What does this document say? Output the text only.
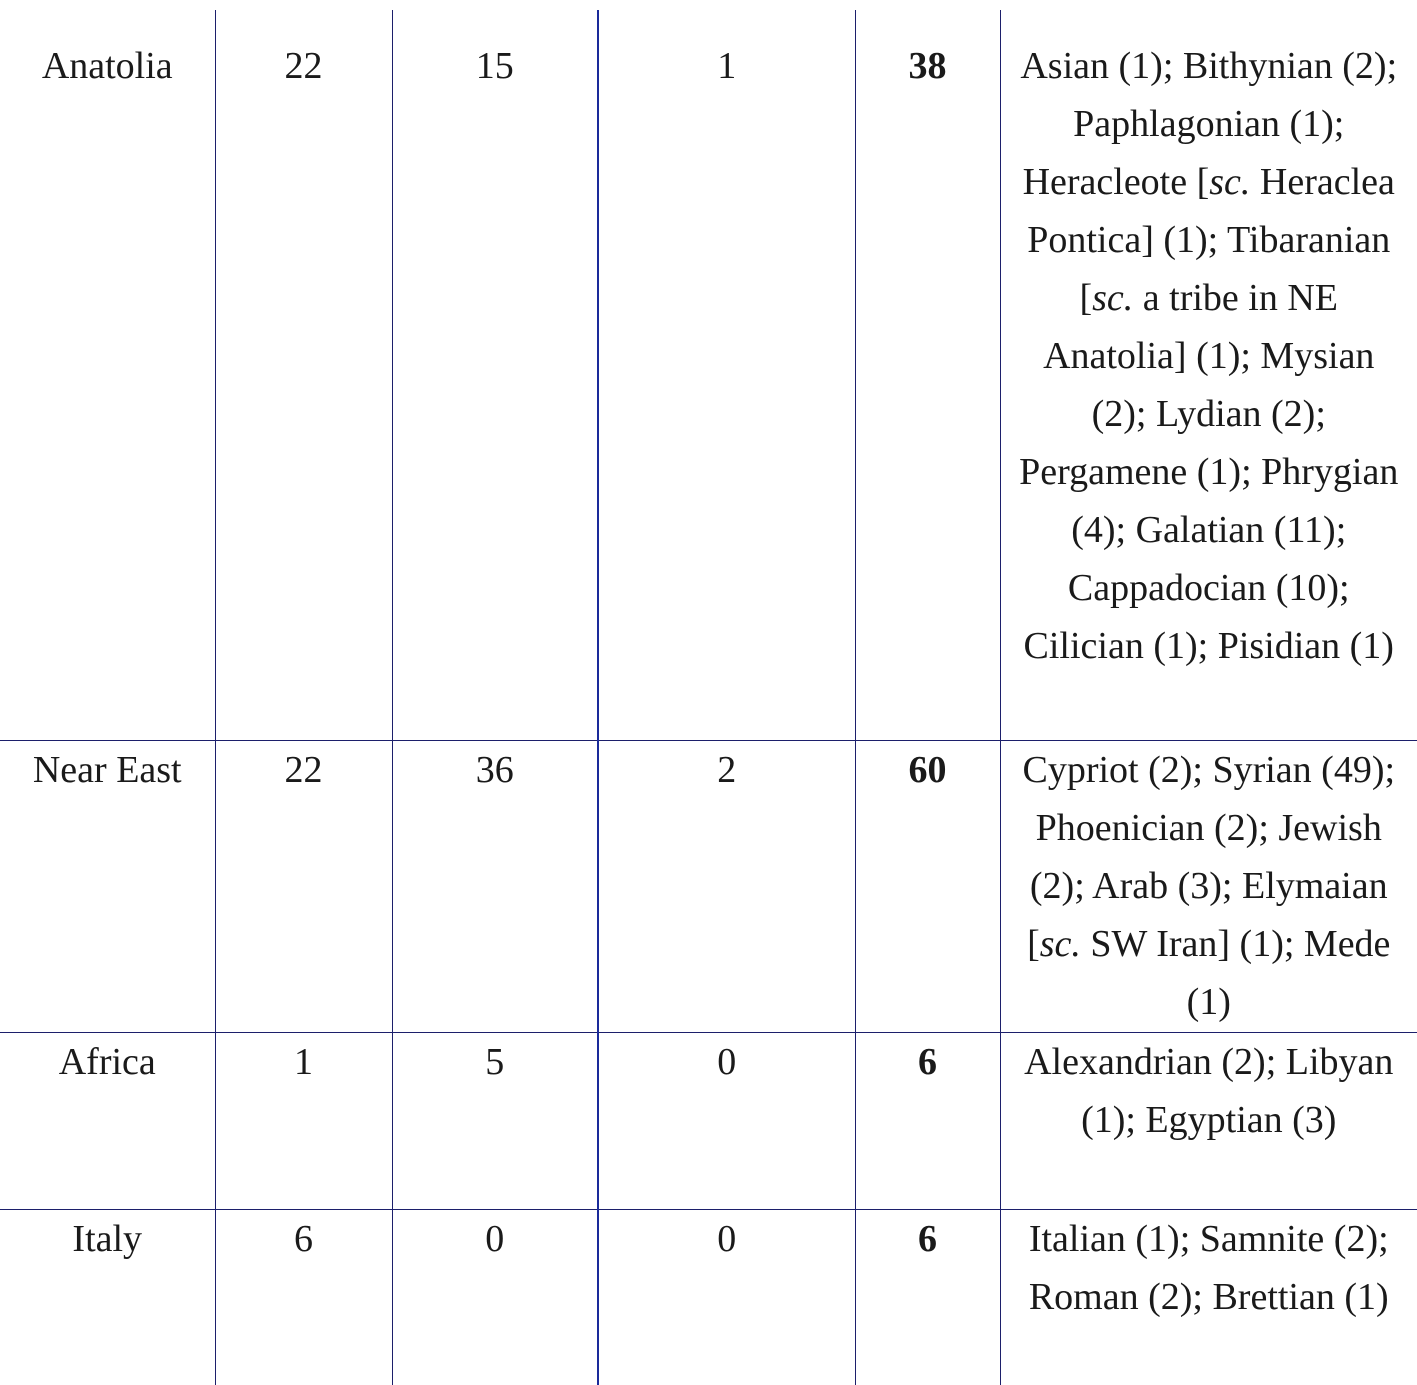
Anatolia	22	15	1	38	Asian (1); Bithynian (2); Paphlagonian (1); Heracleote [sc. Heraclea Pontica] (1); Tibaranian [sc. a tribe in NE Anatolia] (1); Mysian (2); Lydian (2); Pergamene (1); Phrygian (4); Galatian (11); Cappadocian (10); Cilician (1); Pisidian (1)
Near East	22	36	2	60	Cypriot (2); Syrian (49); Phoenician (2); Jewish (2); Arab (3); Elymaian [sc. SW Iran] (1); Mede (1)
Africa	1	5	0	6	Alexandrian (2); Libyan (1); Egyptian (3)
Italy	6	0	0	6	Italian (1); Samnite (2); Roman (2); Brettian (1)
